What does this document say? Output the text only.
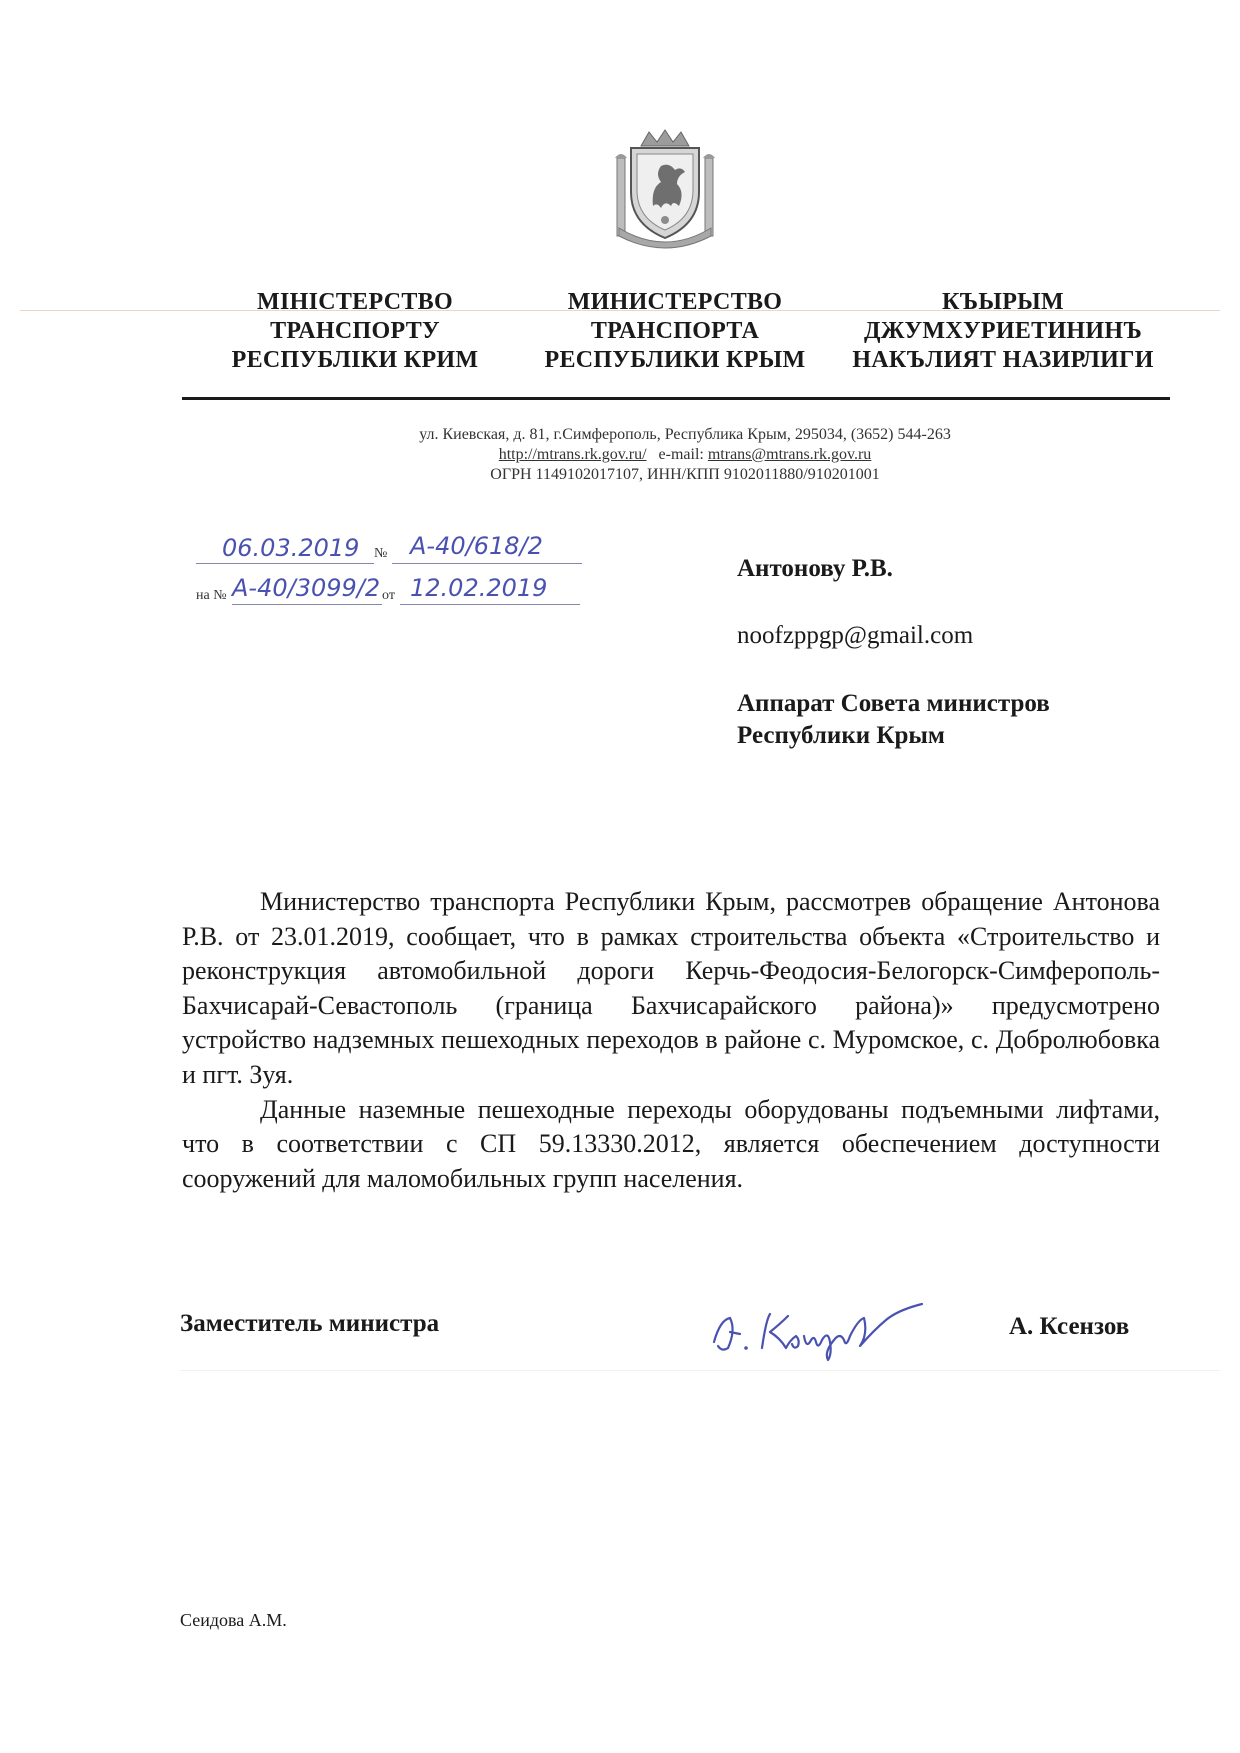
МІНІСТЕРСТВО
ТРАНСПОРТУ
РЕСПУБЛІКИ КРИМ
МИНИСТЕРСТВО
ТРАНСПОРТА
РЕСПУБЛИКИ КРЫМ
КЪЫРЫМ
ДЖУМХУРИЕТИНИНЪ
НАКЪЛИЯТ НАЗИРЛИГИ
ул. Киевская, д. 81, г.Симферополь, Республика Крым, 295034, (3652) 544-263
http://mtrans.rk.gov.ru/ e-mail: mtrans@mtrans.rk.gov.ru
ОГРН 1149102017107, ИНН/КПП 9102011880/910201001
06.03.2019 № А-40/618/2
на № А-40/3099/2 от 12.02.2019
Антонову Р.В.
noofzppgp@gmail.com
Аппарат Совета министров
Республики Крым

Министерство транспорта Республики Крым, рассмотрев обращение Антонова Р.В. от 23.01.2019, сообщает, что в рамках строительства объекта «Строительство и реконструкция автомобильной дороги Керчь-Феодосия-Белогорск-Симферополь-Бахчисарай-Севастополь (граница Бахчисарайского района)» предусмотрено устройство надземных пешеходных переходов в районе с. Муромское, с. Добролюбовка и пгт. Зуя.

Данные наземные пешеходные переходы оборудованы подъемными лифтами, что в соответствии с СП 59.13330.2012, является обеспечением доступности сооружений для маломобильных групп населения.

Заместитель министра	А. Ксензов
Сеидова А.М.
